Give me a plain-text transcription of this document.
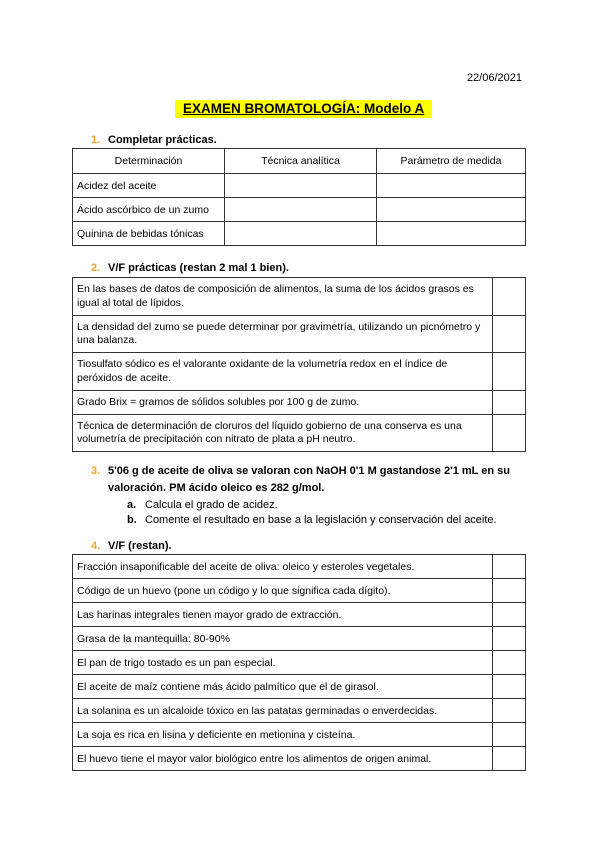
22/06/2021
EXAMEN BROMATOLOGÍA: Modelo A
1. Completar prácticas.
Determinación	Técnica analítica	Parámetro de medida
Acidez del aceite		
Ácido ascórbico de un zumo		
Quinina de bebidas tónicas		
2. V/F prácticas (restan 2 mal 1 bien).
En las bases de datos de composición de alimentos, la suma de los ácidos grasos es igual al total de lípidos.	
La densidad del zumo se puede determinar por gravimetría, utilizando un picnómetro y una balanza.	
Tiosulfato sódico es el valorante oxidante de la volumetría redox en el índice de peróxidos de aceite.	
Grado Brix = gramos de sólidos solubles por 100 g de zumo.	
Técnica de determinación de cloruros del líquido gobierno de una conserva es una volumetría de precipitación con nitrato de plata a pH neutro.	
3. 5'06 g de aceite de oliva se valoran con NaOH 0'1 M gastandose 2'1 mL en su valoración. PM ácido oleico es 282 g/mol.
a. Calcula el grado de acidez.
b. Comente el resultado en base a la legislación y conservación del aceite.
4. V/F (restan).
Fracción insaponificable del aceite de oliva: oleico y esteroles vegetales.	
Código de un huevo (pone un código y lo que significa cada dígito).	
Las harinas integrales tienen mayor grado de extracción.	
Grasa de la mantequilla: 80-90%	
El pan de trigo tostado es un pan especial.	
El aceite de maíz contiene más ácido palmítico que el de girasol.	
La solanina es un alcaloide tóxico en las patatas germinadas o enverdecidas.	
La soja es rica en lisina y deficiente en metionina y cisteína.	
El huevo tiene el mayor valor biológico entre los alimentos de origen animal.	
